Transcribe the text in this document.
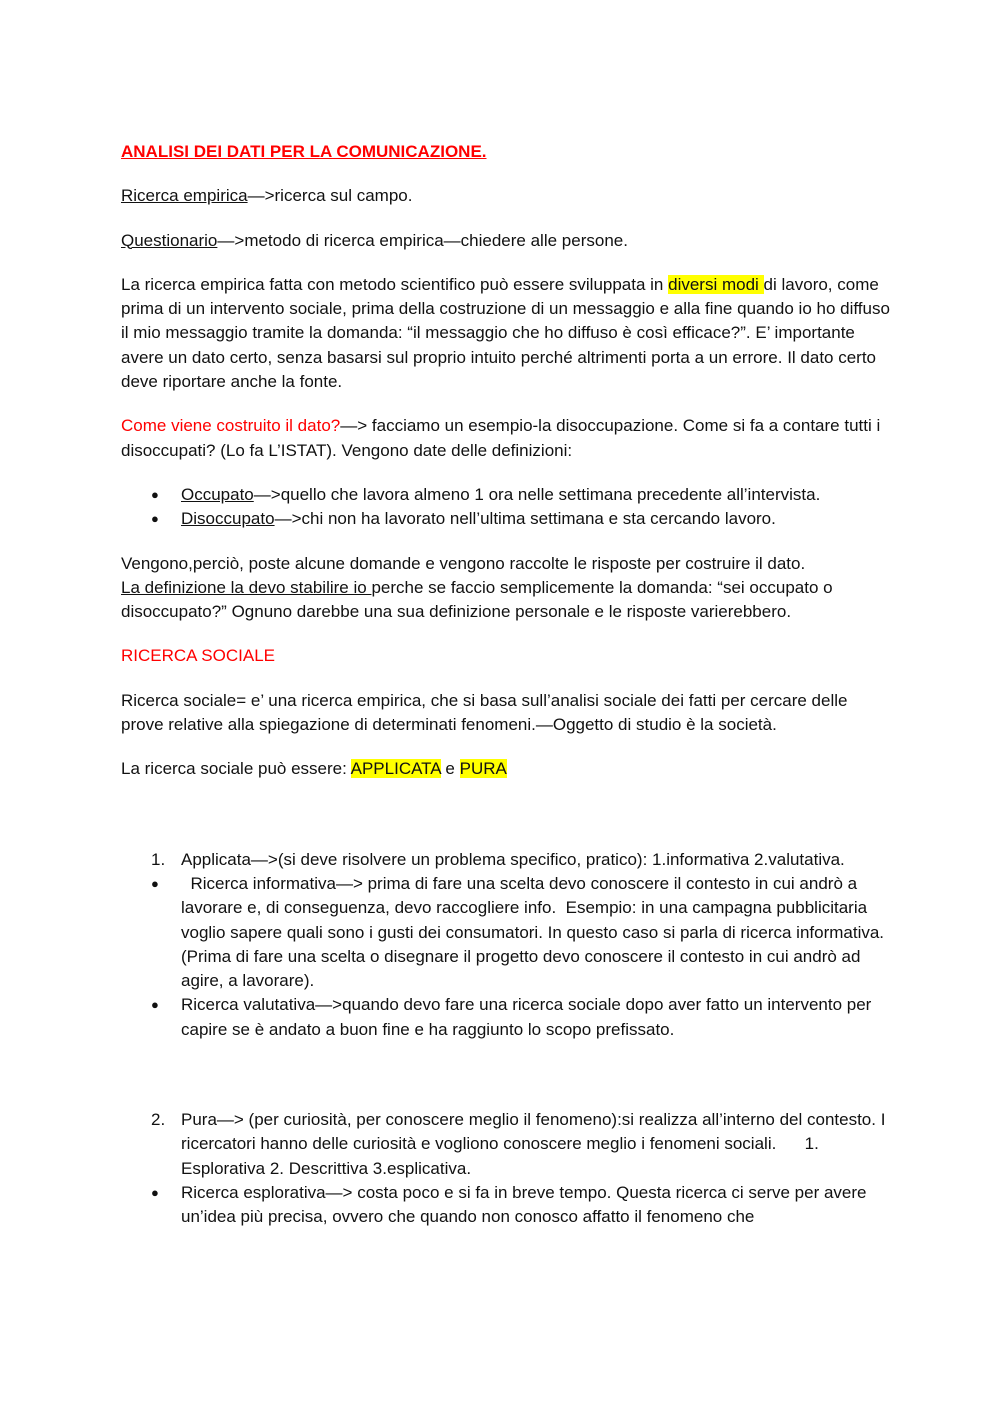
ANALISI DEI DATI PER LA COMUNICAZIONE.

Ricerca empirica—>ricerca sul campo.

Questionario—>metodo di ricerca empirica—chiedere alle persone.

La ricerca empirica fatta con metodo scientifico può essere sviluppata in diversi modi di lavoro, come prima di un intervento sociale, prima della costruzione di un messaggio e alla fine quando io ho diffuso il mio messaggio tramite la domanda: “il messaggio che ho diffuso è così efficace?”. E’ importante avere un dato certo, senza basarsi sul proprio intuito perché altrimenti porta a un errore. Il dato certo deve riportare anche la fonte.

Come viene costruito il dato?—> facciamo un esempio-la disoccupazione. Come si fa a contare tutti i disoccupati? (Lo fa L’ISTAT). Vengono date delle definizioni:

● Occupato—>quello che lavora almeno 1 ora nelle settimana precedente all’intervista.
● Disoccupato—>chi non ha lavorato nell’ultima settimana e sta cercando lavoro.

Vengono,perciò, poste alcune domande e vengono raccolte le risposte per costruire il dato.
La definizione la devo stabilire io perche se faccio semplicemente la domanda: “sei occupato o disoccupato?” Ognuno darebbe una sua definizione personale e le risposte varierebbero.

RICERCA SOCIALE

Ricerca sociale= e’ una ricerca empirica, che si basa sull’analisi sociale dei fatti per cercare delle prove relative alla spiegazione di determinati fenomeni.—Oggetto di studio è la società.

La ricerca sociale può essere: APPLICATA e PURA

1. Applicata—>(si deve risolvere un problema specifico, pratico): 1.informativa 2.valutativa.
●   Ricerca informativa—> prima di fare una scelta devo conoscere il contesto in cui andrò a lavorare e, di conseguenza, devo raccogliere info.  Esempio: in una campagna pubblicitaria voglio sapere quali sono i gusti dei consumatori. In questo caso si parla di ricerca informativa. (Prima di fare una scelta o disegnare il progetto devo conoscere il contesto in cui andrò ad agire, a lavorare).
● Ricerca valutativa—>quando devo fare una ricerca sociale dopo aver fatto un intervento per capire se è andato a buon fine e ha raggiunto lo scopo prefissato.
2. Pura—> (per curiosità, per conoscere meglio il fenomeno):si realizza all’interno del contesto. I ricercatori hanno delle curiosità e vogliono conoscere meglio i fenomeni sociali.      1. Esplorativa 2. Descrittiva 3.esplicativa.
● Ricerca esplorativa—> costa poco e si fa in breve tempo. Questa ricerca ci serve per avere un’idea più precisa, ovvero che quando non conosco affatto il fenomeno che
